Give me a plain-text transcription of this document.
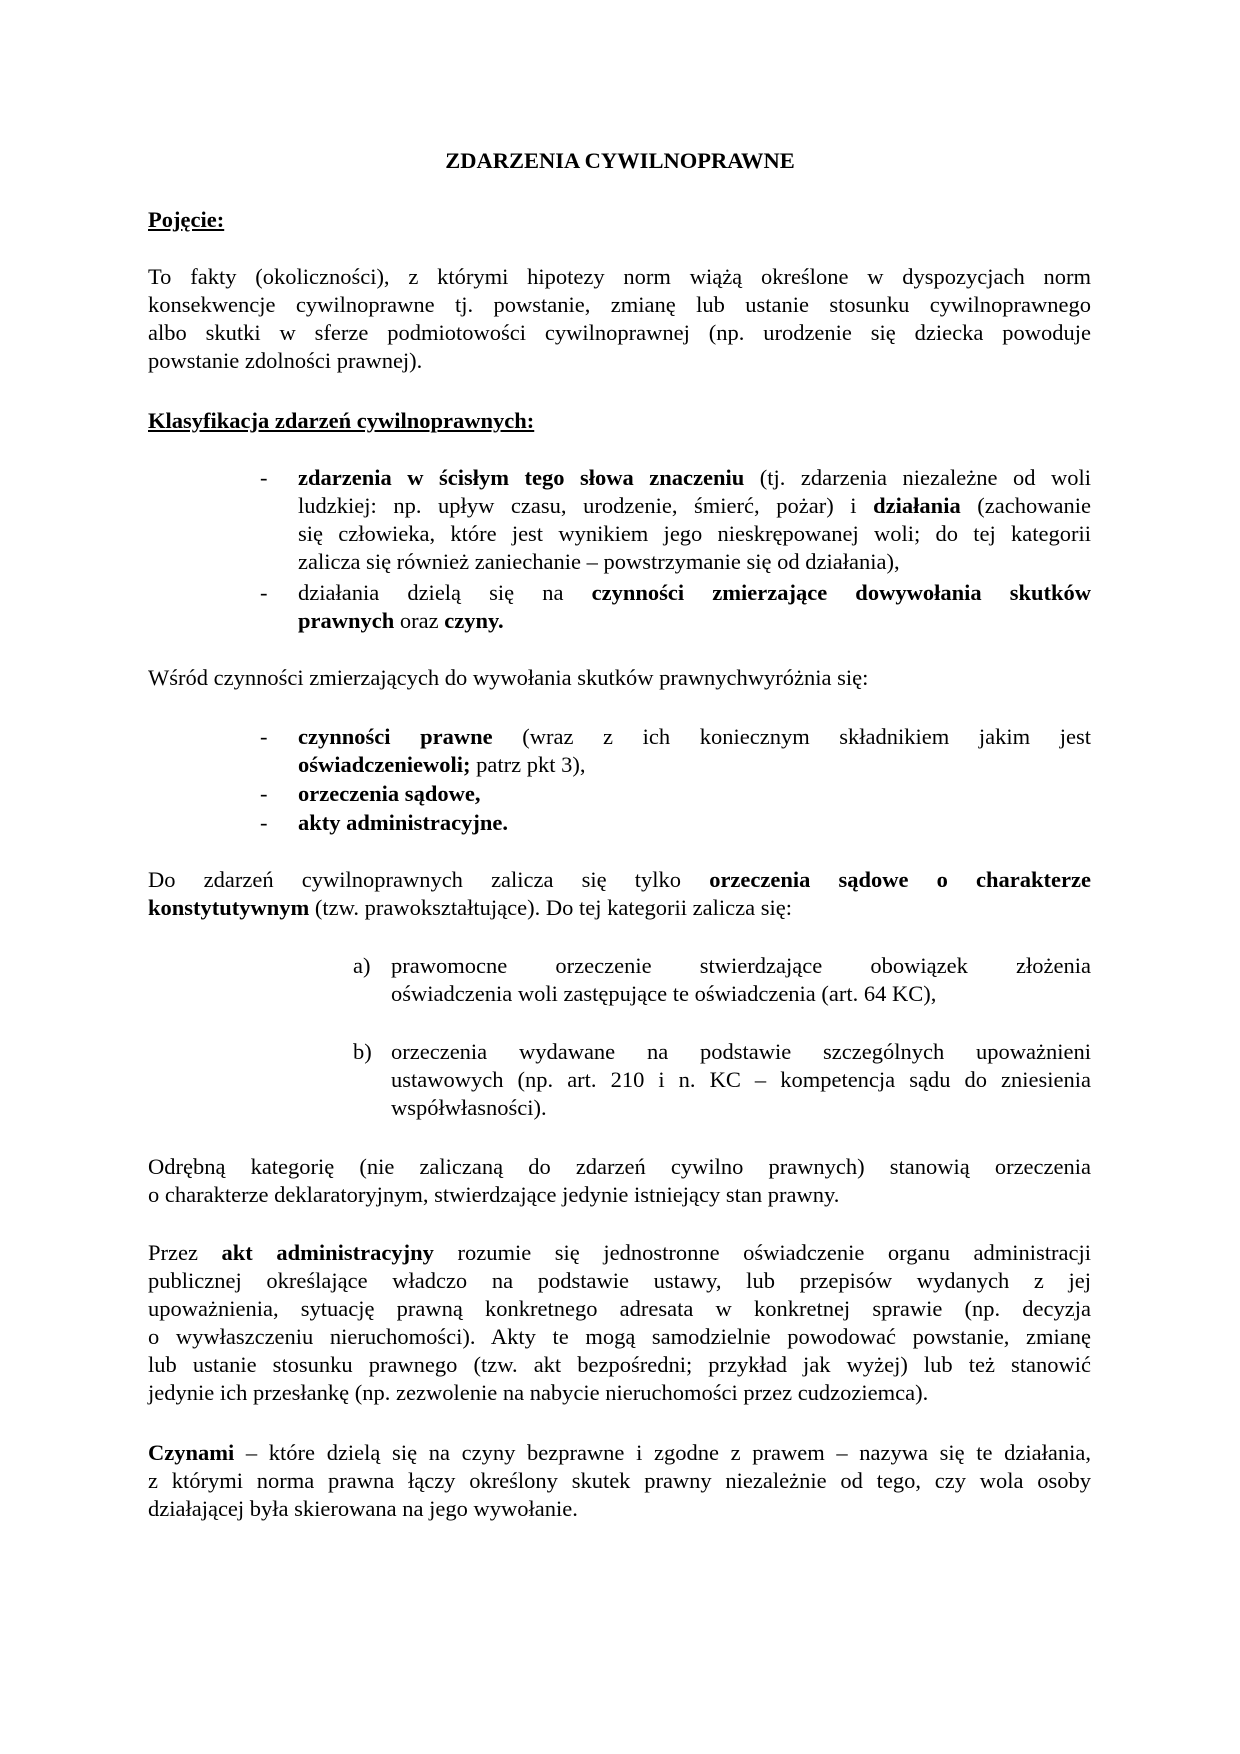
ZDARZENIA CYWILNOPRAWNE
Pojęcie:
Klasyfikacja zdarzeń cywilnoprawnych:
-
-
-
-
-
a)
b)
To fakty (okoliczności), z którymi hipotezy norm wiążą określone w dyspozycjach norm
konsekwencje cywilnoprawne tj. powstanie, zmianę lub ustanie stosunku cywilnoprawnego
albo skutki w sferze podmiotowości cywilnoprawnej (np. urodzenie się dziecka powoduje
powstanie zdolności prawnej).
zdarzenia w ścisłym tego słowa znaczeniu (tj. zdarzenia niezależne od woli
ludzkiej: np. upływ czasu, urodzenie, śmierć, pożar) i działania (zachowanie
się człowieka, które jest wynikiem jego nieskrępowanej woli; do tej kategorii
zalicza się również zaniechanie – powstrzymanie się od działania),
działania dzielą się na czynności zmierzające dowywołania skutków
prawnych oraz czyny.
Wśród czynności zmierzających do wywołania skutków prawnychwyróżnia się:
czynności prawne (wraz z ich koniecznym składnikiem jakim jest
oświadczeniewoli; patrz pkt 3),
orzeczenia sądowe,
akty administracyjne.
Do zdarzeń cywilnoprawnych zalicza się tylko orzeczenia sądowe o charakterze
konstytutywnym (tzw. prawokształtujące). Do tej kategorii zalicza się:
prawomocne orzeczenie stwierdzające obowiązek złożenia
oświadczenia woli zastępujące te oświadczenia (art. 64 KC),
orzeczenia wydawane na podstawie szczególnych upoważnieni
ustawowych (np. art. 210 i n. KC – kompetencja sądu do zniesienia
współwłasności).
Odrębną kategorię (nie zaliczaną do zdarzeń cywilno prawnych) stanowią orzeczenia
o charakterze deklaratoryjnym, stwierdzające jedynie istniejący stan prawny.
Przez akt administracyjny rozumie się jednostronne oświadczenie organu administracji
publicznej określające władczo na podstawie ustawy, lub przepisów wydanych z jej
upoważnienia, sytuację prawną konkretnego adresata w konkretnej sprawie (np. decyzja
o wywłaszczeniu nieruchomości). Akty te mogą samodzielnie powodować powstanie, zmianę
lub ustanie stosunku prawnego (tzw. akt bezpośredni; przykład jak wyżej) lub też stanowić
jedynie ich przesłankę (np. zezwolenie na nabycie nieruchomości przez cudzoziemca).
Czynami – które dzielą się na czyny bezprawne i zgodne z prawem – nazywa się te działania,
z którymi norma prawna łączy określony skutek prawny niezależnie od tego, czy wola osoby
działającej była skierowana na jego wywołanie.
